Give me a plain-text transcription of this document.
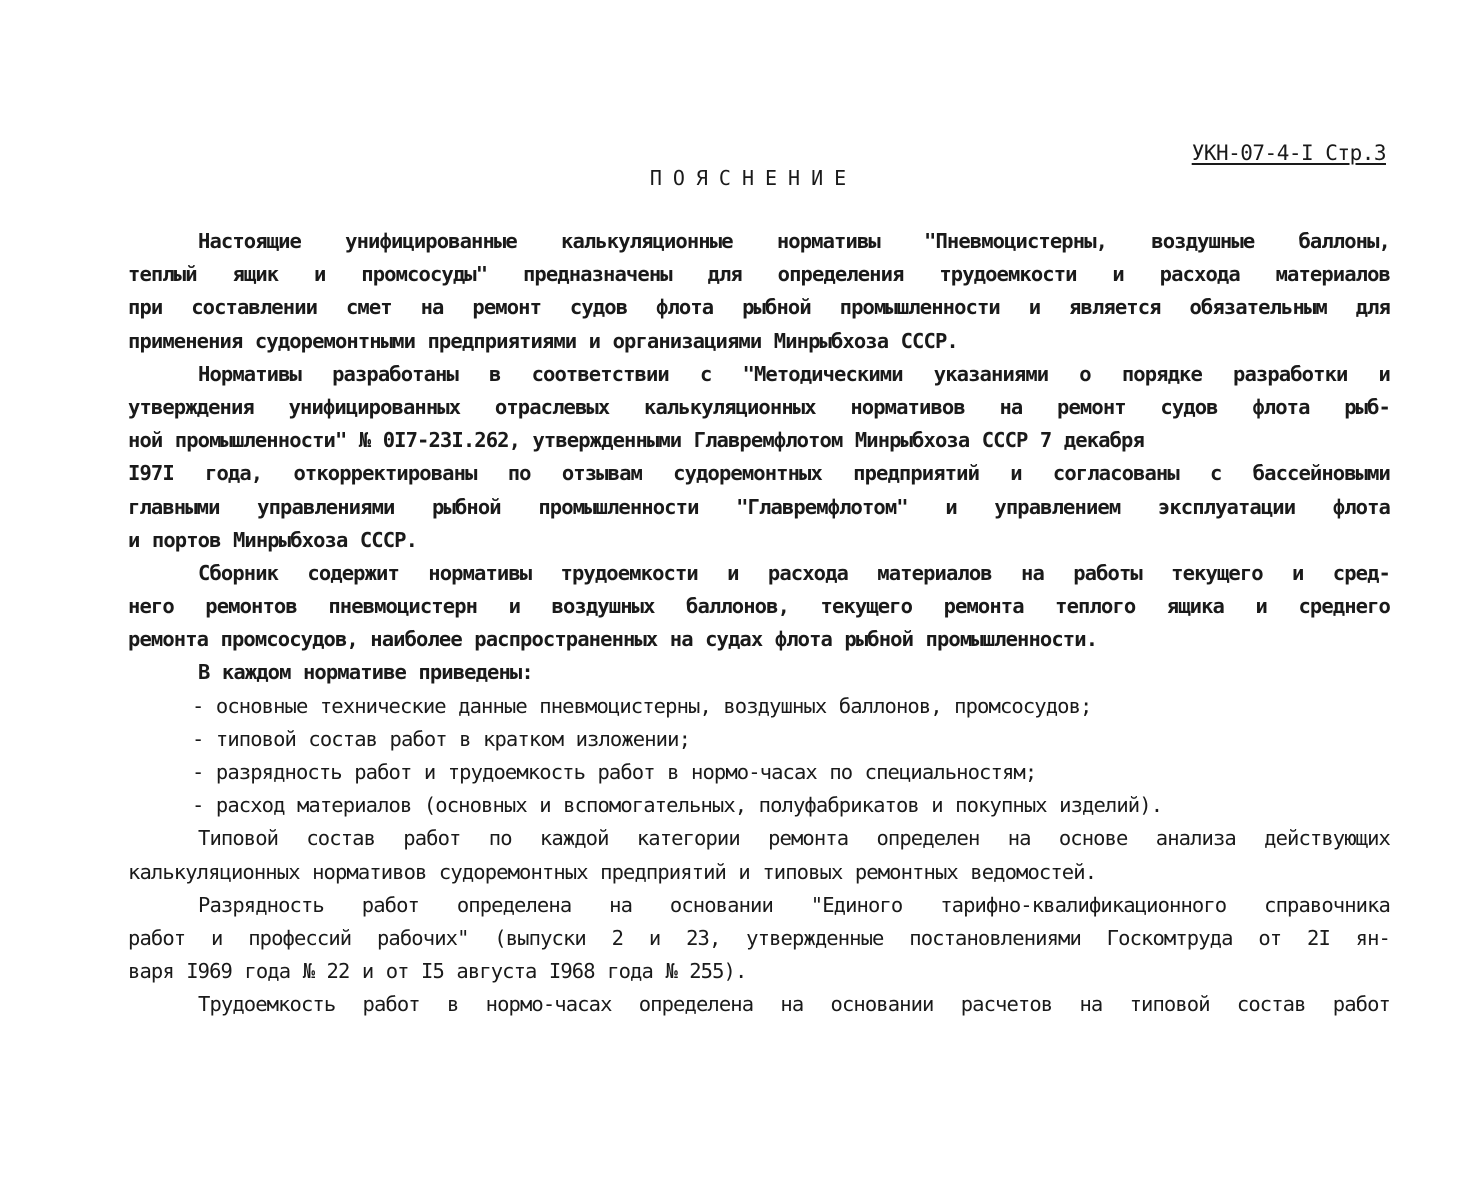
УКН-07-4-I Стр.3
ПОЯСНЕНИЕ
Настоящие унифицированные калькуляционные нормативы "Пневмоцистерны, воздушные баллоны,
теплый ящик и промсосуды" предназначены для определения трудоемкости и расхода материалов
при составлении смет на ремонт судов флота рыбной промышленности и является обязательным для
применения судоремонтными предприятиями и организациями Минрыбхоза СССР.
Нормативы разработаны в соответствии с "Методическими указаниями о порядке разработки и
утверждения унифицированных отраслевых калькуляционных нормативов на ремонт судов флота рыб-
ной промышленности" № 0I7-23I.262, утвержденными Главремфлотом Минрыбхоза СССР 7 декабря
I97I года, откорректированы по отзывам судоремонтных предприятий и согласованы с бассейновыми
главными управлениями рыбной промышленности "Главремфлотом" и управлением эксплуатации флота
и портов Минрыбхоза СССР.
Сборник содержит нормативы трудоемкости и расхода материалов на работы текущего и сред-
него ремонтов пневмоцистерн и воздушных баллонов, текущего ремонта теплого ящика и среднего
ремонта промсосудов, наиболее распространенных на судах флота рыбной промышленности.
В каждом нормативе приведены:
- основные технические данные пневмоцистерны, воздушных баллонов, промсосудов;
- типовой состав работ в кратком изложении;
- разрядность работ и трудоемкость работ в нормо-часах по специальностям;
- расход материалов (основных и вспомогательных, полуфабрикатов и покупных изделий).
Типовой состав работ по каждой категории ремонта определен на основе анализа действующих
калькуляционных нормативов судоремонтных предприятий и типовых ремонтных ведомостей.
Разрядность работ определена на основании "Единого тарифно-квалификационного справочника
работ и профессий рабочих" (выпуски 2 и 23, утвержденные постановлениями Госкомтруда от 2I ян-
варя I969 года № 22 и от I5 августа I968 года № 255).
Трудоемкость работ в нормо-часах определена на основании расчетов на типовой состав работ
